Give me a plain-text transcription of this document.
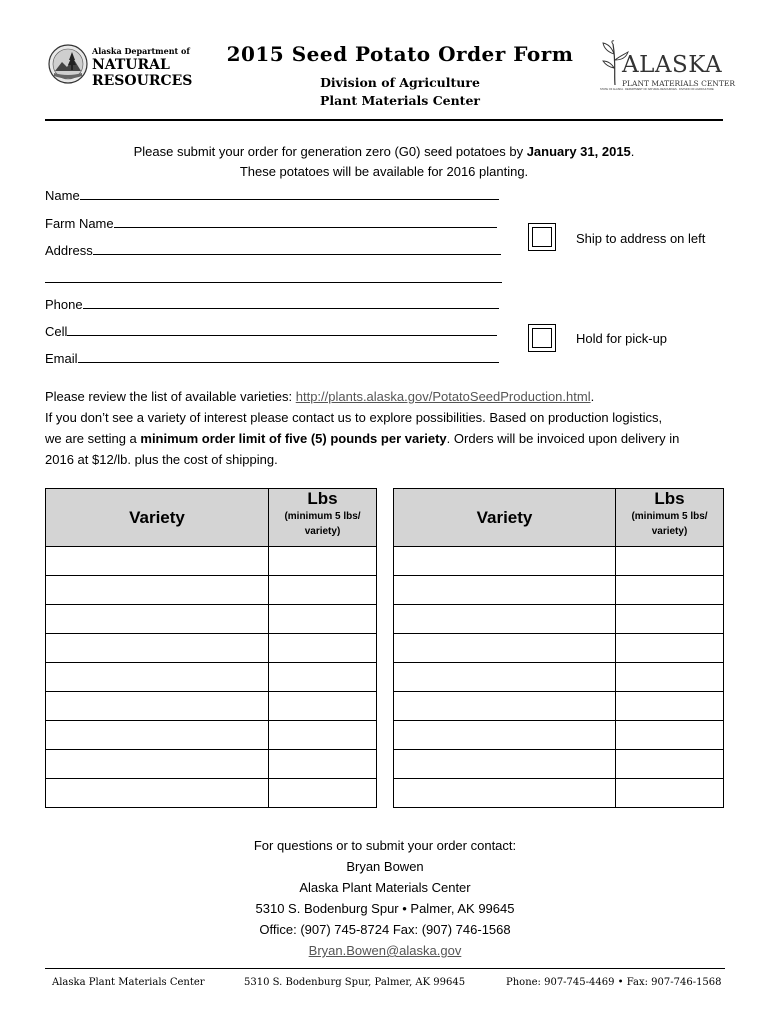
Alaska Department of
NATURAL
RESOURCES
2015 Seed Potato Order Form
Division of Agriculture
Plant Materials Center
ALASKA
PLANT MATERIALS CENTER
STATE OF ALASKA · DEPARTMENT OF NATURAL RESOURCES · DIVISION OF AGRICULTURE
Please submit your order for generation zero (G0) seed potatoes by January 31, 2015.
These potatoes will be available for 2016 planting.
Name
Farm Name
Address
Phone
Cell
Email
Ship to address on left
Hold for pick-up
Please review the list of available varieties: http://plants.alaska.gov/PotatoSeedProduction.html.
If you don’t see a variety of interest please contact us to explore possibilities. Based on production logistics,
we are setting a minimum order limit of five (5) pounds per variety. Orders will be invoiced upon delivery in
2016 at $12/lb. plus the cost of shipping.
Variety	Lbs
(minimum 5 lbs/
variety)

Variety	Lbs
(minimum 5 lbs/
variety)

For questions or to submit your order contact:
Bryan Bowen
Alaska Plant Materials Center
5310 S. Bodenburg Spur • Palmer, AK 99645
Office: (907) 745-8724 Fax: (907) 746-1568
Bryan.Bowen@alaska.gov
Alaska Plant Materials Center	5310 S. Bodenburg Spur, Palmer, AK 99645	Phone: 907-745-4469 • Fax: 907-746-1568
